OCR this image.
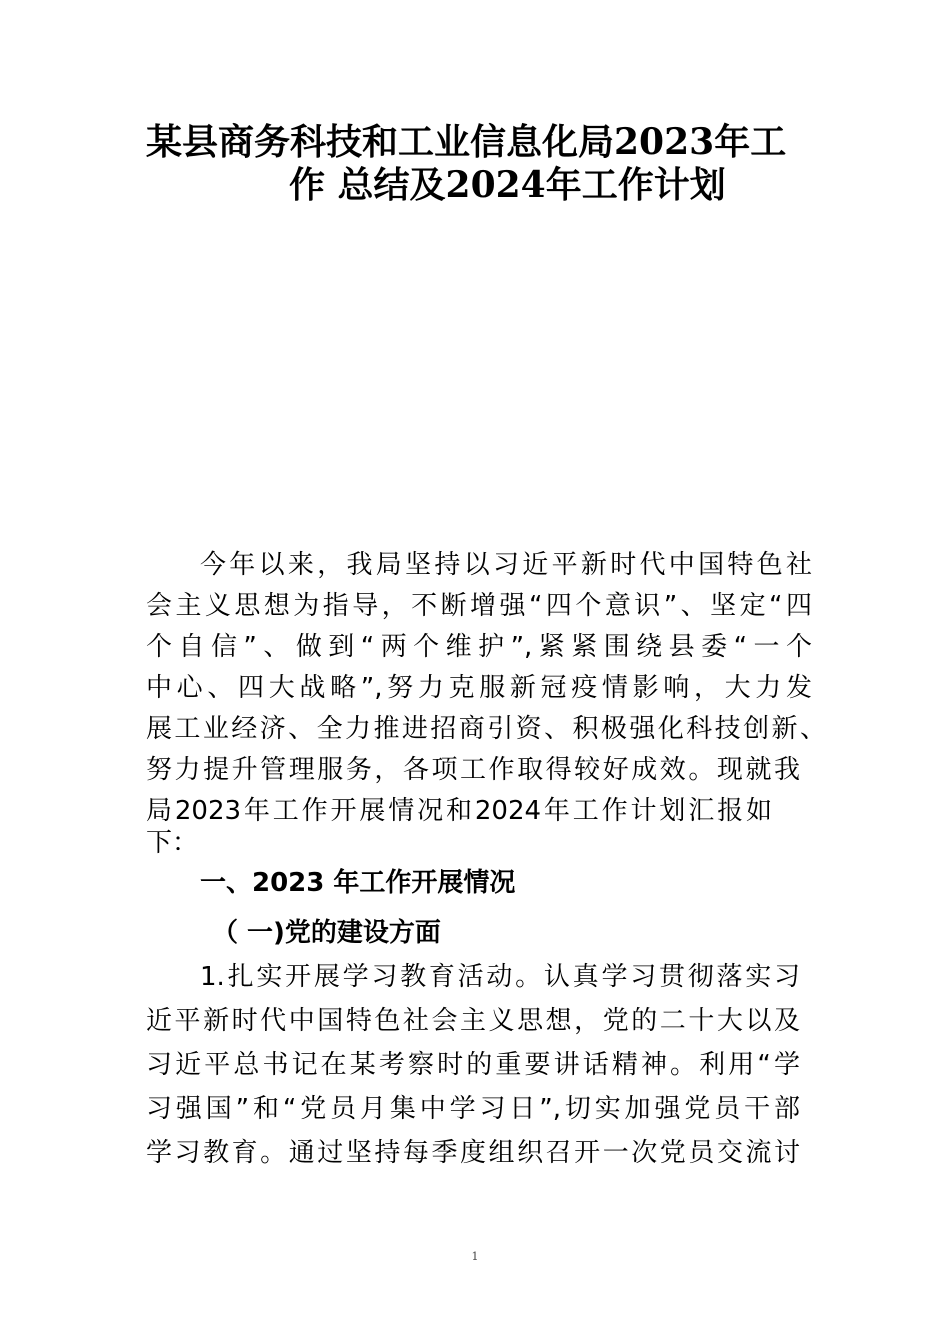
某县商务科技和工业信息化局2023年工
作 总结及2024年工作计划
今年以来，我局坚持以习近平新时代中国特色社
会主义思想为指导，不断增强“四个意识”、坚定“四
个自信”、做到“两个维护”,紧紧围绕县委“一个
中心、四大战略”,努力克服新冠疫情影响，大力发
展工业经济、全力推进招商引资、积极强化科技创新、
努力提升管理服务，各项工作取得较好成效。现就我
局2023年工作开展情况和2024年工作计划汇报如
下：
一、2023 年工作开展情况
（ 一)党的建设方面
1.扎实开展学习教育活动。认真学习贯彻落实习
近平新时代中国特色社会主义思想，党的二十大以及
习近平总书记在某考察时的重要讲话精神。利用“学
习强国”和“党员月集中学习日”,切实加强党员干部
学习教育。通过坚持每季度组织召开一次党员交流讨
1
